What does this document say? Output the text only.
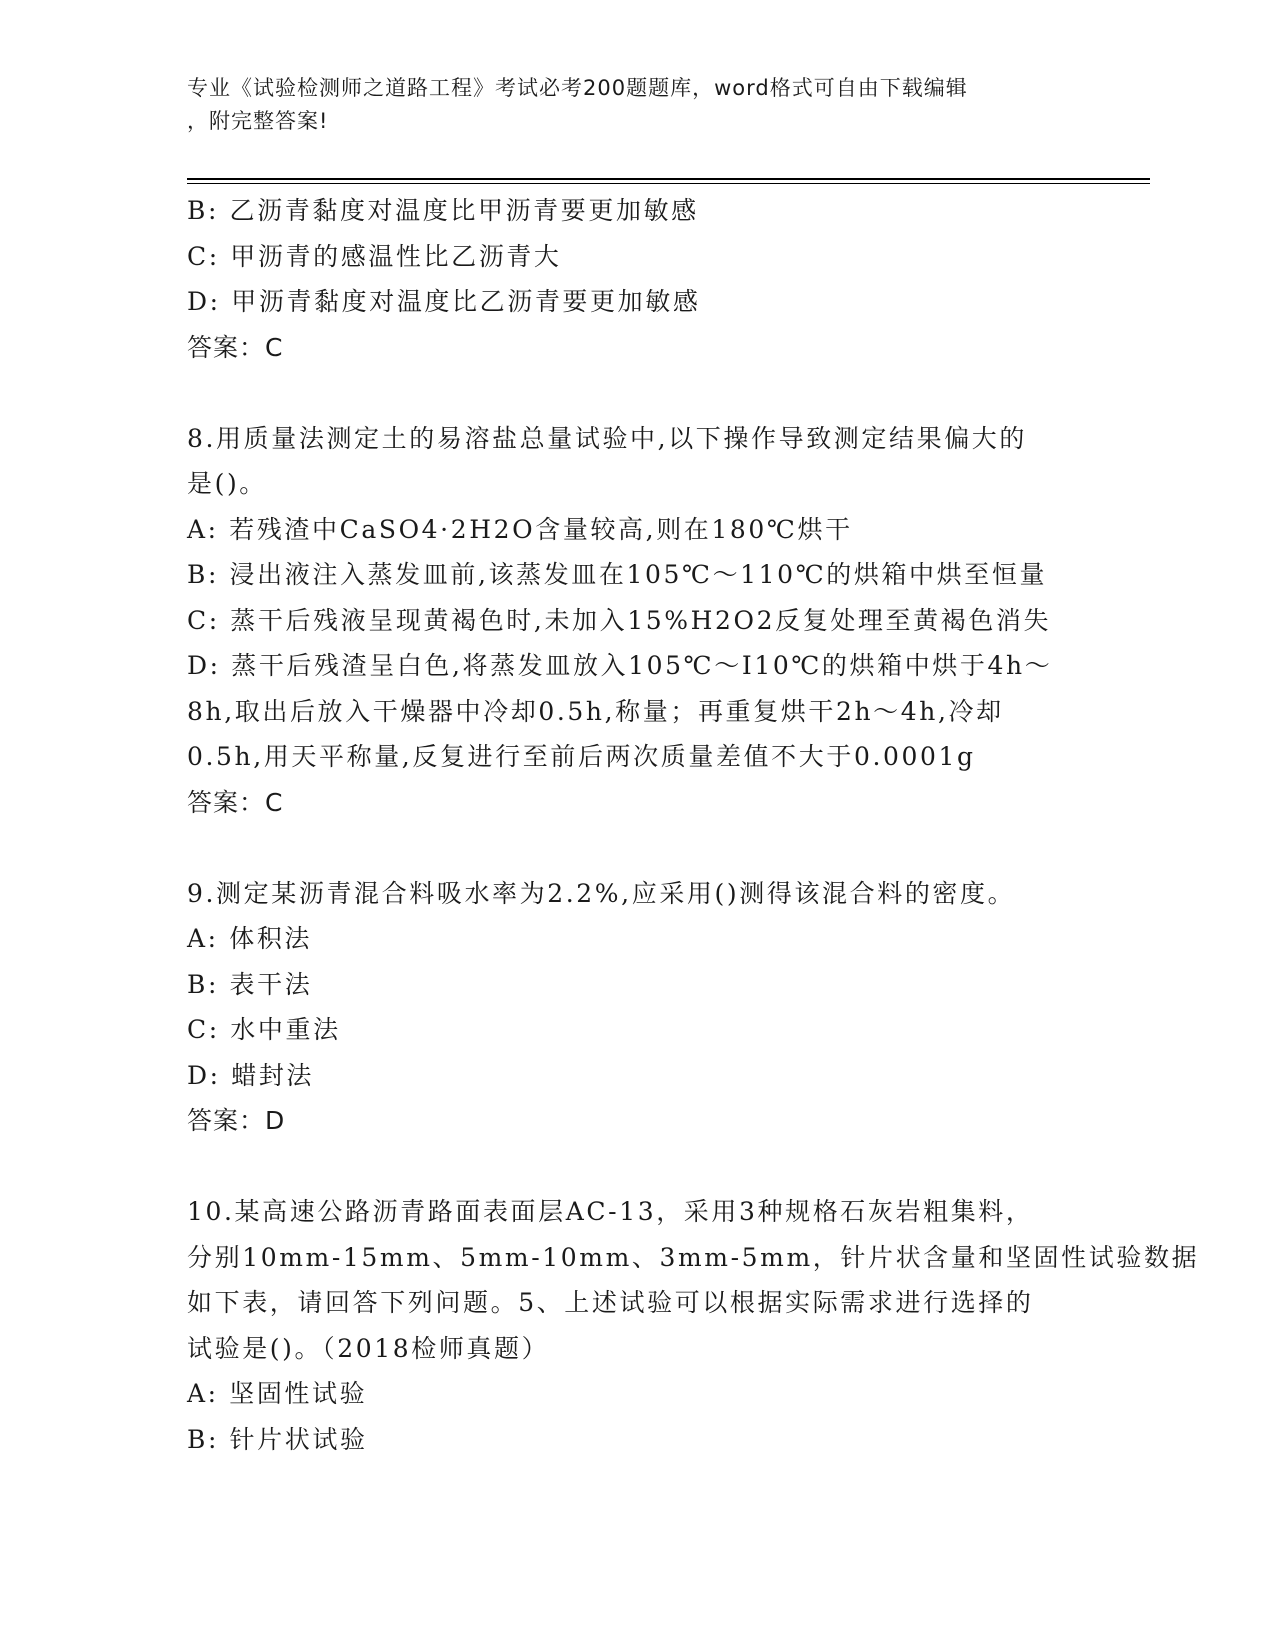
专业《试验检测师之道路工程》考试必考200题题库，word格式可自由下载编辑
，附完整答案!
B: 乙沥青黏度对温度比甲沥青要更加敏感
C: 甲沥青的感温性比乙沥青大
D: 甲沥青黏度对温度比乙沥青要更加敏感
答案：C
8.用质量法测定土的易溶盐总量试验中,以下操作导致测定结果偏大的
是()。
A: 若残渣中CaSO4·2H2O含量较高,则在180℃烘干
B: 浸出液注入蒸发皿前,该蒸发皿在105℃～110℃的烘箱中烘至恒量
C: 蒸干后残液呈现黄褐色时,未加入15%H2O2反复处理至黄褐色消失
D: 蒸干后残渣呈白色,将蒸发皿放入105℃～I10℃的烘箱中烘于4h～
8h,取出后放入干燥器中冷却0.5h,称量；再重复烘干2h～4h,冷却
0.5h,用天平称量,反复进行至前后两次质量差值不大于0.0001g
答案：C
9.测定某沥青混合料吸水率为2.2%,应采用()测得该混合料的密度。
A: 体积法
B: 表干法
C: 水中重法
D: 蜡封法
答案：D
10.某高速公路沥青路面表面层AC-13，采用3种规格石灰岩粗集料，
分别10mm-15mm、5mm-10mm、3mm-5mm，针片状含量和坚固性试验数据
如下表，请回答下列问题。5、上述试验可以根据实际需求进行选择的
试验是()。（2018检师真题）
A: 坚固性试验
B: 针片状试验
